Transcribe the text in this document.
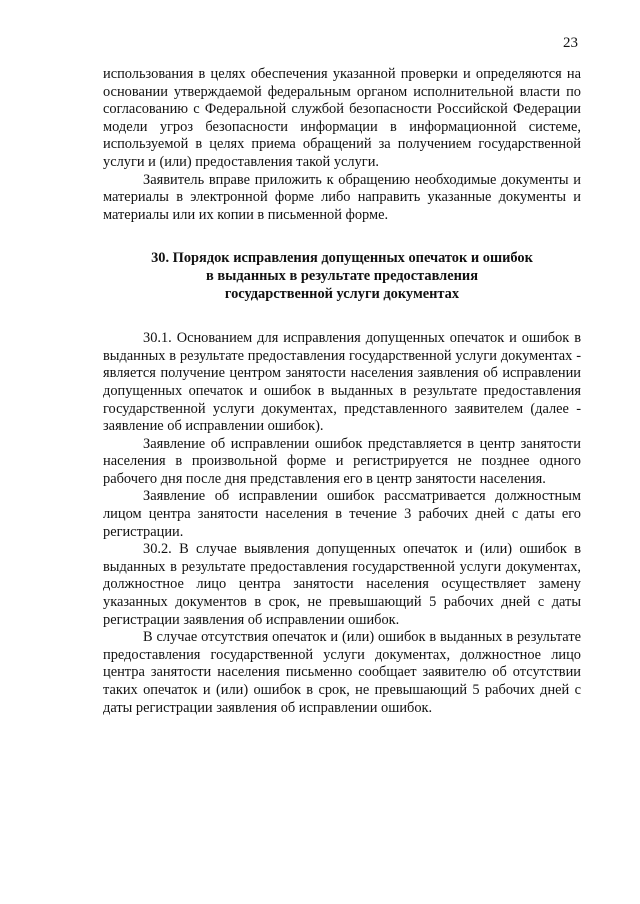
23

использования в целях обеспечения указанной проверки и определяются на основании утверждаемой федеральным органом исполнительной власти по согласованию с Федеральной службой безопасности Российской Федерации модели угроз безопасности информации в информационной системе, используемой в целях приема обращений за получением государственной услуги и (или) предоставления такой услуги.

Заявитель вправе приложить к обращению необходимые документы и материалы в электронной форме либо направить указанные документы и материалы или их копии в письменной форме.

30. Порядок исправления допущенных опечаток и ошибок
в выданных в результате предоставления
государственной услуги документах

30.1. Основанием для исправления допущенных опечаток и ошибок в выданных в результате предоставления государственной услуги документах - является получение центром занятости населения заявления об исправлении допущенных опечаток и ошибок в выданных в результате предоставления государственной услуги документах, представленного заявителем (далее - заявление об исправлении ошибок).

Заявление об исправлении ошибок представляется в центр занятости населения в произвольной форме и регистрируется не позднее одного рабочего дня после дня представления его в центр занятости населения.

Заявление об исправлении ошибок рассматривается должностным лицом центра занятости населения в течение 3 рабочих дней с даты его регистрации.

30.2. В случае выявления допущенных опечаток и (или) ошибок в выданных в результате предоставления государственной услуги документах, должностное лицо центра занятости населения осуществляет замену указанных документов в срок, не превышающий 5 рабочих дней с даты регистрации заявления об исправлении ошибок.

В случае отсутствия опечаток и (или) ошибок в выданных в результате предоставления государственной услуги документах, должностное лицо центра занятости населения письменно сообщает заявителю об отсутствии таких опечаток и (или) ошибок в срок, не превышающий 5 рабочих дней с даты регистрации заявления об исправлении ошибок.
